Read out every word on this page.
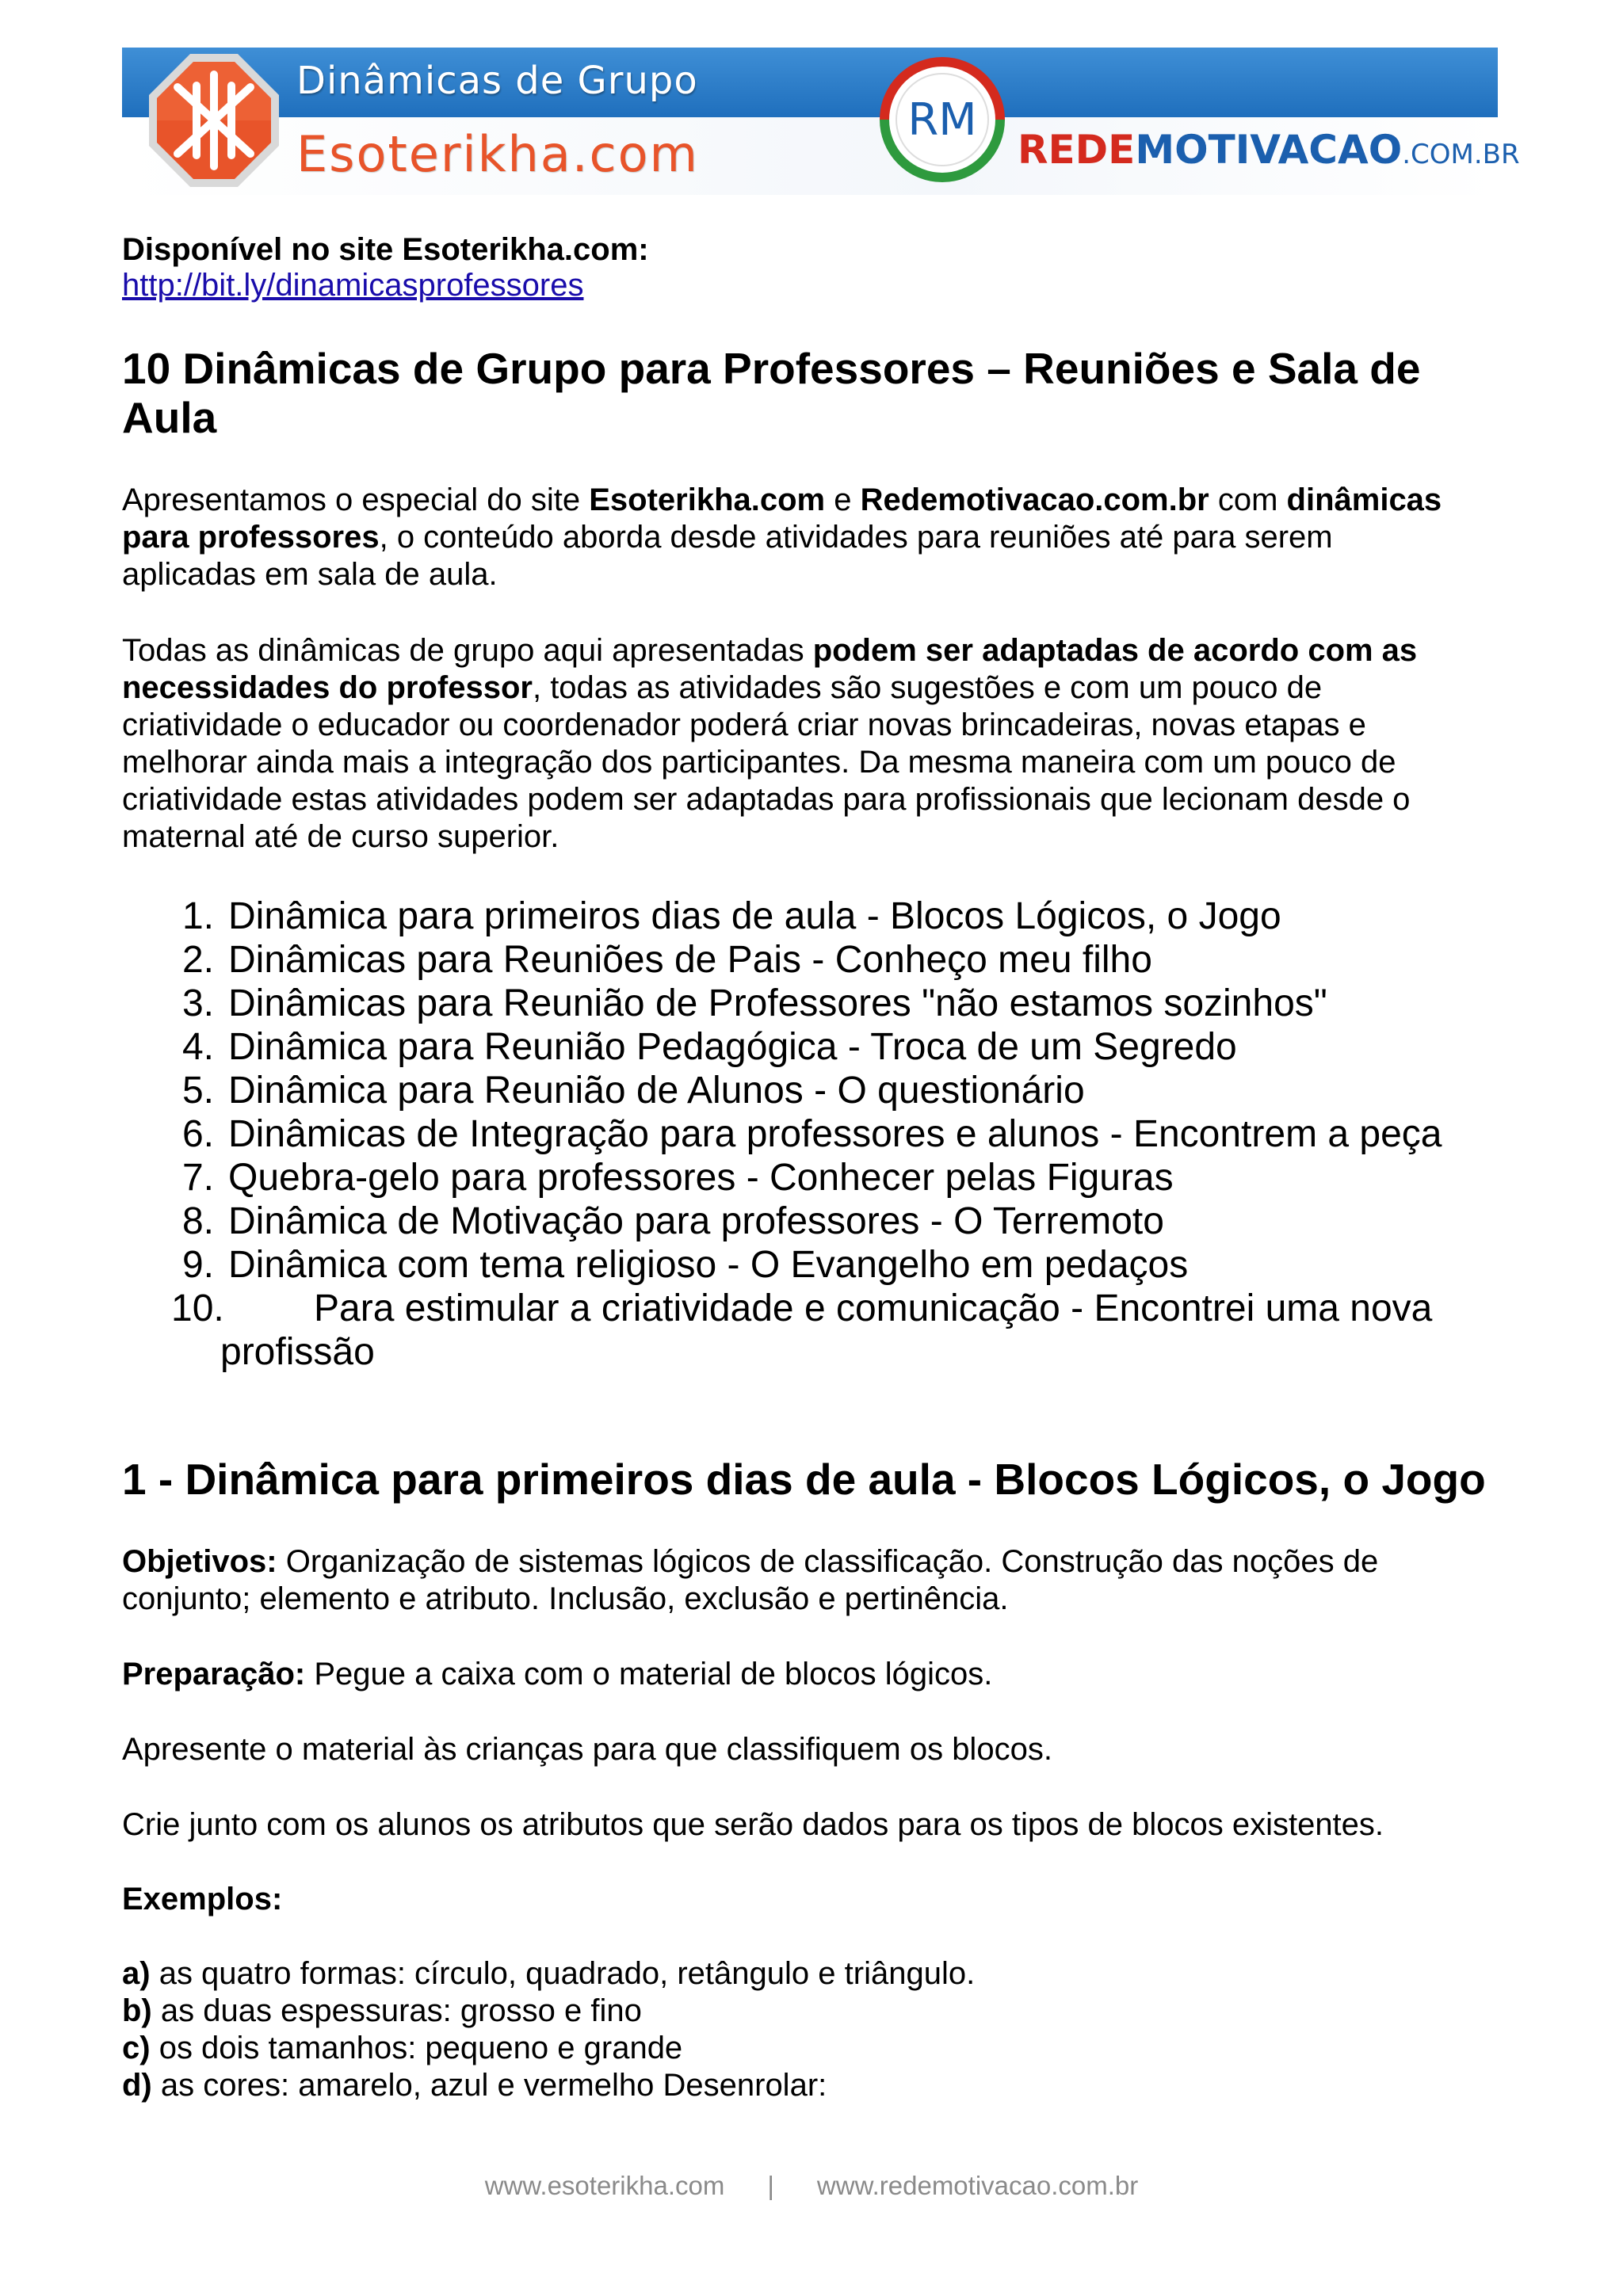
Dinâmicas de Grupo
Esoterikha.com
RM
REDEMOTIVACAO.COM.BR
Disponível no site Esoterikha.com:
http://bit.ly/dinamicasprofessores
10 Dinâmicas de Grupo para Professores – Reuniões e Sala de
Aula
Apresentamos o especial do site Esoterikha.com e Redemotivacao.com.br com dinâmicas
para professores, o conteúdo aborda desde atividades para reuniões até para serem
aplicadas em sala de aula.
Todas as dinâmicas de grupo aqui apresentadas podem ser adaptadas de acordo com as
necessidades do professor, todas as atividades são sugestões e com um pouco de
criatividade o educador ou coordenador poderá criar novas brincadeiras, novas etapas e
melhorar ainda mais a integração dos participantes. Da mesma maneira com um pouco de
criatividade estas atividades podem ser adaptadas para profissionais que lecionam desde o
maternal até de curso superior.
1. Dinâmica para primeiros dias de aula - Blocos Lógicos, o Jogo
2. Dinâmicas para Reuniões de Pais - Conheço meu filho
3. Dinâmicas para Reunião de Professores "não estamos sozinhos"
4. Dinâmica para Reunião Pedagógica - Troca de um Segredo
5. Dinâmica para Reunião de Alunos - O questionário
6. Dinâmicas de Integração para professores e alunos - Encontrem a peça
7. Quebra-gelo para professores - Conhecer pelas Figuras
8. Dinâmica de Motivação para professores - O Terremoto
9. Dinâmica com tema religioso - O Evangelho em pedaços
10. Para estimular a criatividade e comunicação - Encontrei uma nova
profissão
1 - Dinâmica para primeiros dias de aula - Blocos Lógicos, o Jogo
Objetivos: Organização de sistemas lógicos de classificação. Construção das noções de
conjunto; elemento e atributo. Inclusão, exclusão e pertinência.
Preparação: Pegue a caixa com o material de blocos lógicos.
Apresente o material às crianças para que classifiquem os blocos.
Crie junto com os alunos os atributos que serão dados para os tipos de blocos existentes.
Exemplos:
a) as quatro formas: círculo, quadrado, retângulo e triângulo.
b) as duas espessuras: grosso e fino
c) os dois tamanhos: pequeno e grande
d) as cores: amarelo, azul e vermelho Desenrolar:
www.esoterikha.com | www.redemotivacao.com.br
